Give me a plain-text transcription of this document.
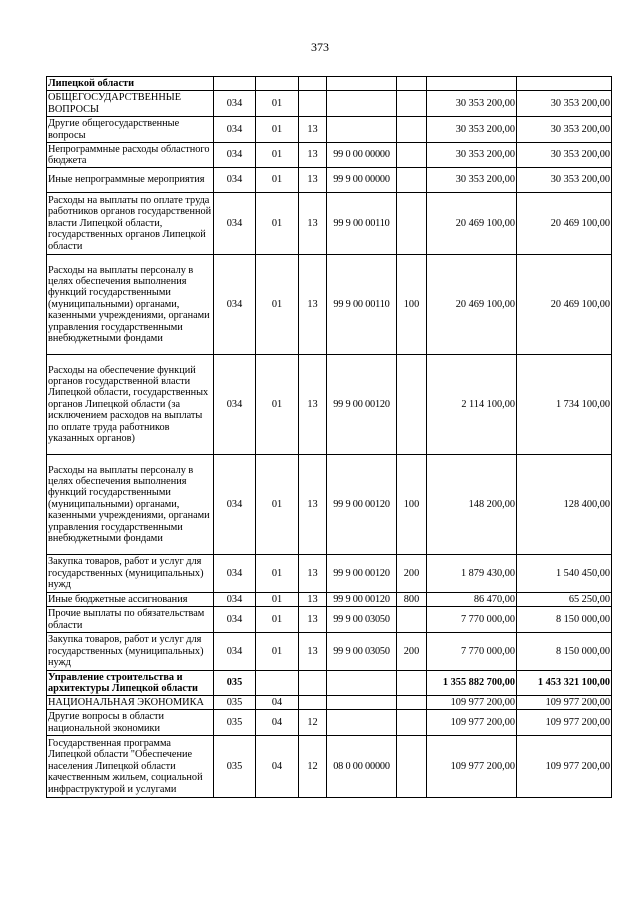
373
Липецкой области							
ОБЩЕГОСУДАРСТВЕННЫЕ ВОПРОСЫ	034	01				30 353 200,00	30 353 200,00
Другие общегосударственные вопросы	034	01	13			30 353 200,00	30 353 200,00
Непрограммные расходы областного бюджета	034	01	13	99 0 00 00000		30 353 200,00	30 353 200,00
Иные непрограммные мероприятия	034	01	13	99 9 00 00000		30 353 200,00	30 353 200,00
Расходы на выплаты по оплате труда работников органов государственной власти Липецкой области, государственных органов Липецкой области	034	01	13	99 9 00 00110		20 469 100,00	20 469 100,00
Расходы на выплаты персоналу в целях обеспечения выполнения функций государственными (муниципальными) органами, казенными учреждениями, органами управления государственными внебюджетными фондами	034	01	13	99 9 00 00110	100	20 469 100,00	20 469 100,00
Расходы на обеспечение функций органов государственной власти Липецкой области, государственных органов Липецкой области (за исключением расходов на выплаты по оплате труда работников указанных органов)	034	01	13	99 9 00 00120		2 114 100,00	1 734 100,00
Расходы на выплаты персоналу в целях обеспечения выполнения функций государственными (муниципальными) органами, казенными учреждениями, органами управления государственными внебюджетными фондами	034	01	13	99 9 00 00120	100	148 200,00	128 400,00
Закупка товаров, работ и услуг для государственных (муниципальных) нужд	034	01	13	99 9 00 00120	200	1 879 430,00	1 540 450,00
Иные бюджетные ассигнования	034	01	13	99 9 00 00120	800	86 470,00	65 250,00
Прочие выплаты по обязательствам области	034	01	13	99 9 00 03050		7 770 000,00	8 150 000,00
Закупка товаров, работ и услуг для государственных (муниципальных) нужд	034	01	13	99 9 00 03050	200	7 770 000,00	8 150 000,00
Управление строительства и архитектуры Липецкой области	035					1 355 882 700,00	1 453 321 100,00
НАЦИОНАЛЬНАЯ ЭКОНОМИКА	035	04				109 977 200,00	109 977 200,00
Другие вопросы в области национальной экономики	035	04	12			109 977 200,00	109 977 200,00
Государственная программа Липецкой области "Обеспечение населения Липецкой области качественным жильем, социальной инфраструктурой и услугами	035	04	12	08 0 00 00000		109 977 200,00	109 977 200,00
